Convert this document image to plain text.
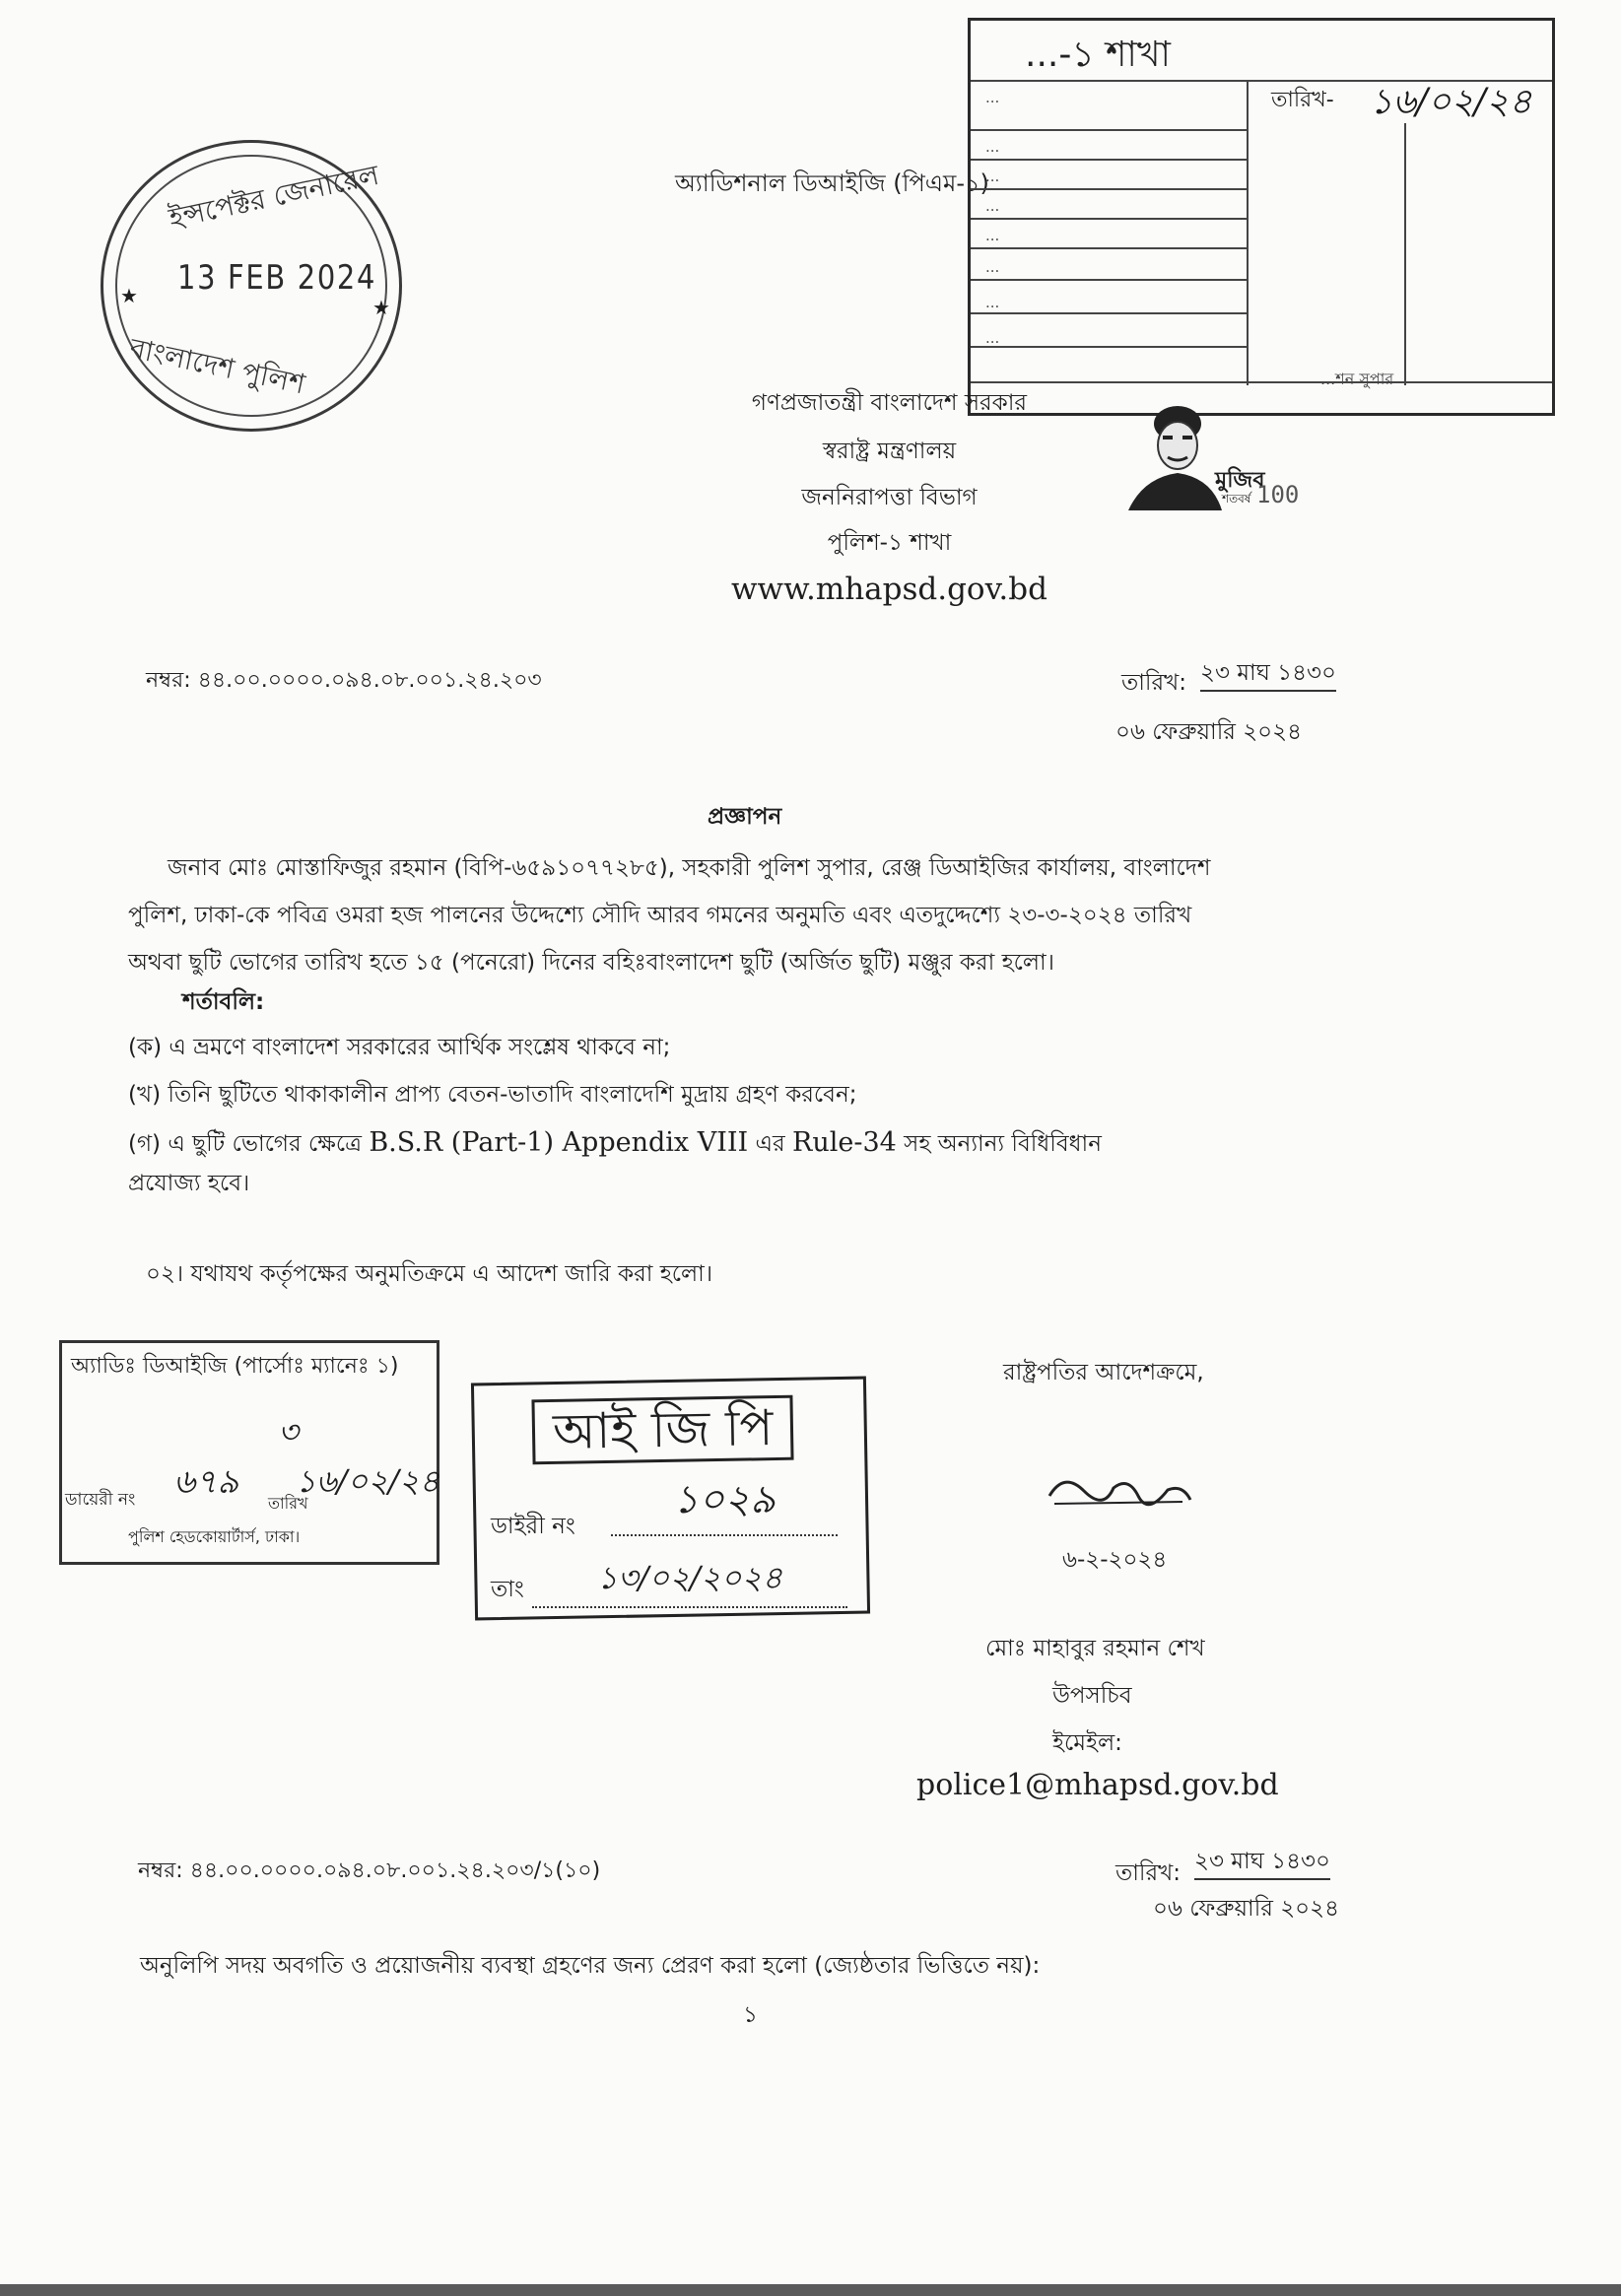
ইন্সপেক্টর জেনারেল
13 FEB 2024
বাংলাদেশ পুলিশ
★	★
অ্যাডিশনাল ডিআইজি (পিএম-১)
...-১ শাখা
তারিখ- ১৬/০২/২৪
...
...
...
...
...
...
...
...
...শন সুপার
মুজিব
শতবর্ষ 100
গণপ্রজাতন্ত্রী বাংলাদেশ সরকার
স্বরাষ্ট্র মন্ত্রণালয়
জননিরাপত্তা বিভাগ
পুলিশ-১ শাখা
www.mhapsd.gov.bd
নম্বর: ৪৪.০০.০০০০.০৯৪.০৮.০০১.২৪.২০৩	তারিখ: ২৩ মাঘ ১৪৩০
০৬ ফেব্রুয়ারি ২০২৪
প্রজ্ঞাপন
জনাব মোঃ মোস্তাফিজুর রহমান (বিপি-৬৫৯১০৭৭২৮৫), সহকারী পুলিশ সুপার, রেঞ্জ ডিআইজির কার্যালয়, বাংলাদেশ
পুলিশ, ঢাকা-কে পবিত্র ওমরা হজ পালনের উদ্দেশ্যে সৌদি আরব গমনের অনুমতি এবং এতদুদ্দেশ্যে ২৩-৩-২০২৪ তারিখ
অথবা ছুটি ভোগের তারিখ হতে ১৫ (পনেরো) দিনের বহিঃবাংলাদেশ ছুটি (অর্জিত ছুটি) মঞ্জুর করা হলো।
শর্তাবলি:
(ক) এ ভ্রমণে বাংলাদেশ সরকারের আর্থিক সংশ্লেষ থাকবে না;
(খ) তিনি ছুটিতে থাকাকালীন প্রাপ্য বেতন-ভাতাদি বাংলাদেশি মুদ্রায় গ্রহণ করবেন;
(গ) এ ছুটি ভোগের ক্ষেত্রে B.S.R (Part-1) Appendix VIII এর Rule-34 সহ অন্যান্য বিধিবিধান
প্রযোজ্য হবে।
০২। যথাযথ কর্তৃপক্ষের অনুমতিক্রমে এ আদেশ জারি করা হলো।
অ্যাডিঃ ডিআইজি (পার্সোঃ ম্যানেঃ ১)
৩
ডায়েরী নং ৬৭৯
তারিখ
১৬/০২/২৪
পুলিশ হেডকোয়ার্টার্স, ঢাকা।
আই জি পি
ডাইরী নং
১০২৯
তাং	১৩/০২/২০২৪
রাষ্ট্রপতির আদেশক্রমে,
৬-২-২০২৪
মোঃ মাহাবুর রহমান শেখ
উপসচিব
ইমেইল:
police1@mhapsd.gov.bd
নম্বর: ৪৪.০০.০০০০.০৯৪.০৮.০০১.২৪.২০৩/১(১০)	তারিখ: ২৩ মাঘ ১৪৩০
০৬ ফেব্রুয়ারি ২০২৪
অনুলিপি সদয় অবগতি ও প্রয়োজনীয় ব্যবস্থা গ্রহণের জন্য প্রেরণ করা হলো (জ্যেষ্ঠতার ভিত্তিতে নয়):
১
